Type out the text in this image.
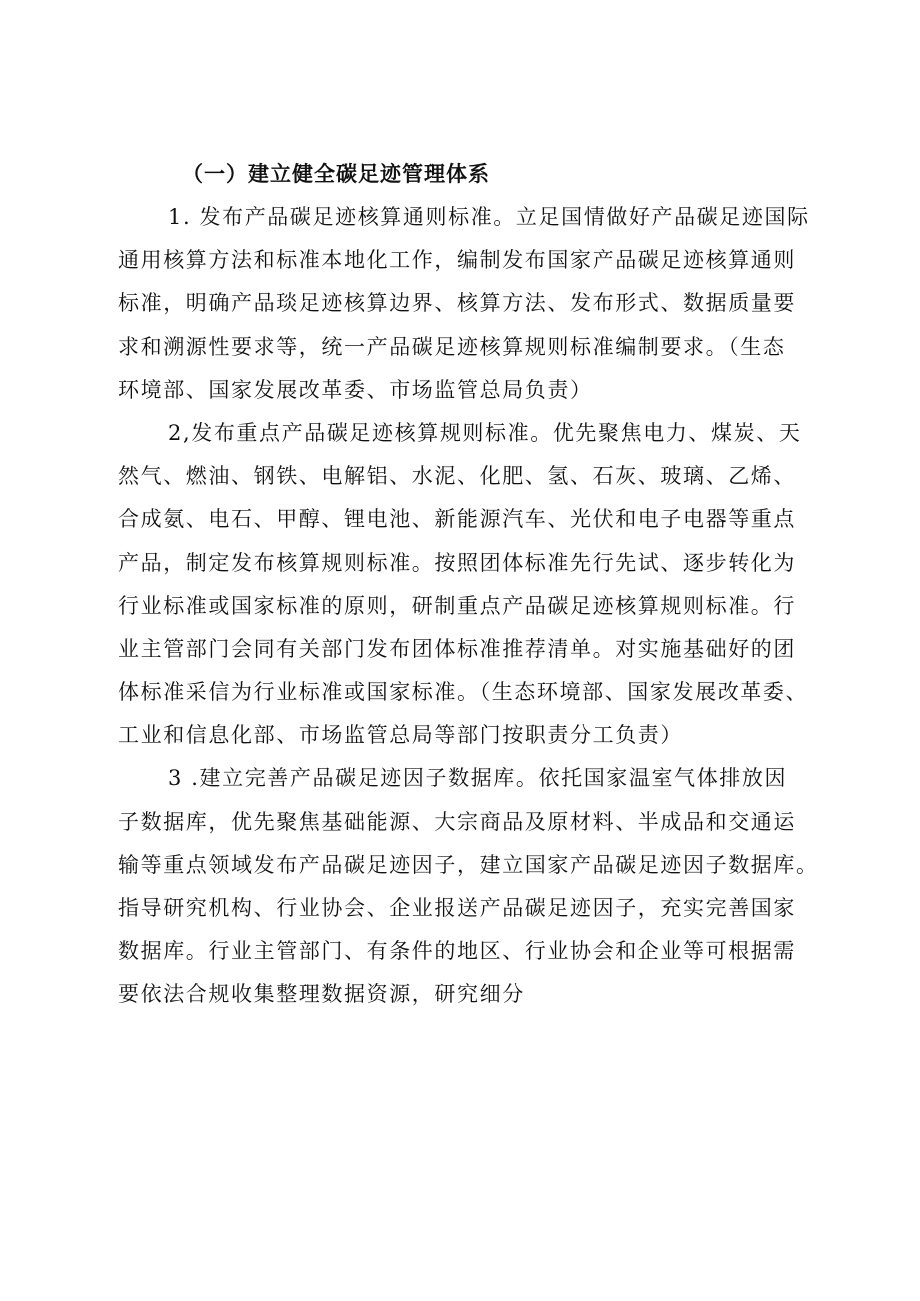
（一）建立健全碳足迹管理体系
1. 发布产品碳足迹核算通则标准。立足国情做好产品碳足迹国际
通用核算方法和标准本地化工作，编制发布国家产品碳足迹核算通则
标准，明确产品琰足迹核算边界、核算方法、发布形式、数据质量要
求和溯源性要求等，统一产品碳足迹核算规则标准编制要求。（生态
环境部、国家发展改革委、市场监管总局负责）
2,发布重点产品碳足迹核算规则标准。优先聚焦电力、煤炭、天
然气、燃油、钢铁、电解铝、水泥、化肥、氢、石灰、玻璃、乙烯、
合成氨、电石、甲醇、锂电池、新能源汽车、光伏和电子电器等重点
产品，制定发布核算规则标准。按照团体标准先行先试、逐步转化为
行业标准或国家标准的原则，研制重点产品碳足迹核算规则标准。行
业主管部门会同有关部门发布团体标准推荐清单。对实施基础好的团
体标准采信为行业标准或国家标准。（生态环境部、国家发展改革委、
工业和信息化部、市场监管总局等部门按职责分工负责）
3 .建立完善产品碳足迹因子数据库。依托国家温室气体排放因
子数据库，优先聚焦基础能源、大宗商品及原材料、半成品和交通运
输等重点领域发布产品碳足迹因子，建立国家产品碳足迹因子数据库。
指导研究机构、行业协会、企业报送产品碳足迹因子，充实完善国家
数据库。行业主管部门、有条件的地区、行业协会和企业等可根据需
要依法合规收集整理数据资源，研究细分
